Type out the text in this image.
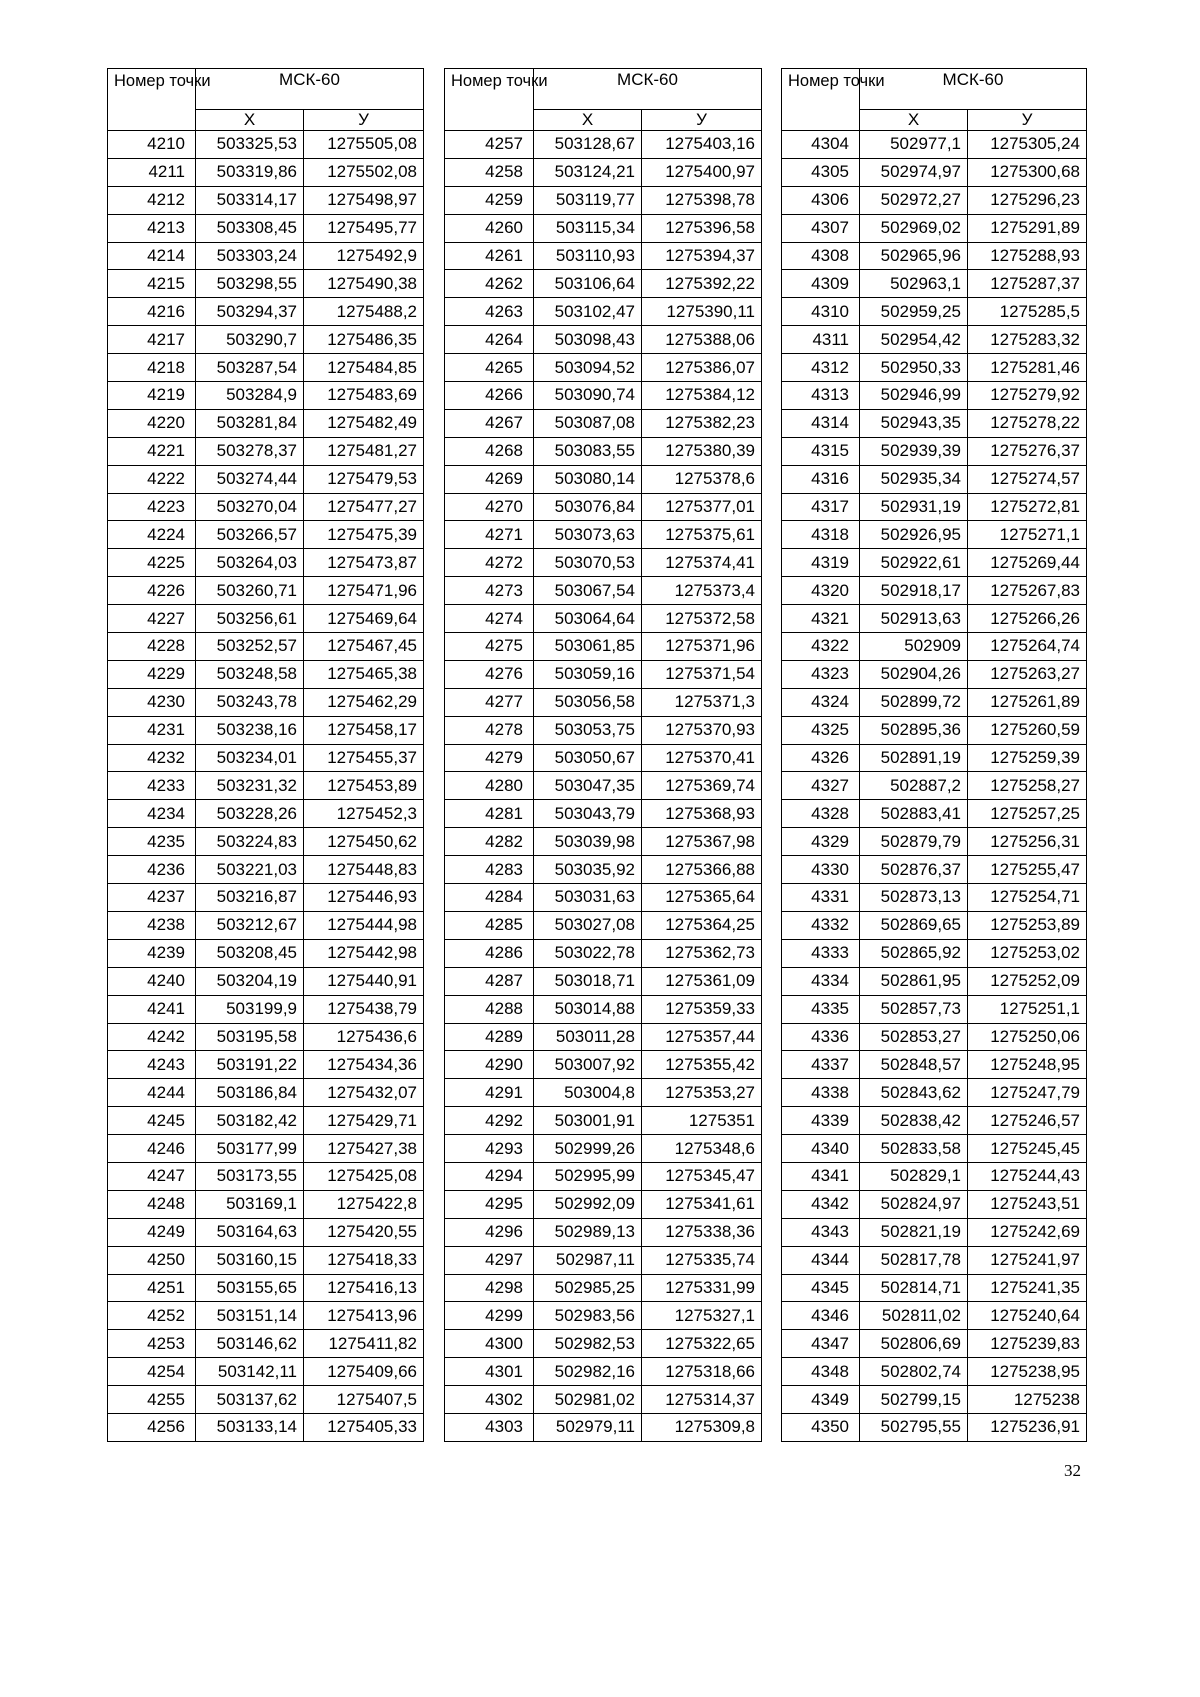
Номер точки	МСК-60	
	Х	У
4210	503325,53	1275505,08
4211	503319,86	1275502,08
4212	503314,17	1275498,97
4213	503308,45	1275495,77
4214	503303,24	1275492,9
4215	503298,55	1275490,38
4216	503294,37	1275488,2
4217	503290,7	1275486,35
4218	503287,54	1275484,85
4219	503284,9	1275483,69
4220	503281,84	1275482,49
4221	503278,37	1275481,27
4222	503274,44	1275479,53
4223	503270,04	1275477,27
4224	503266,57	1275475,39
4225	503264,03	1275473,87
4226	503260,71	1275471,96
4227	503256,61	1275469,64
4228	503252,57	1275467,45
4229	503248,58	1275465,38
4230	503243,78	1275462,29
4231	503238,16	1275458,17
4232	503234,01	1275455,37
4233	503231,32	1275453,89
4234	503228,26	1275452,3
4235	503224,83	1275450,62
4236	503221,03	1275448,83
4237	503216,87	1275446,93
4238	503212,67	1275444,98
4239	503208,45	1275442,98
4240	503204,19	1275440,91
4241	503199,9	1275438,79
4242	503195,58	1275436,6
4243	503191,22	1275434,36
4244	503186,84	1275432,07
4245	503182,42	1275429,71
4246	503177,99	1275427,38
4247	503173,55	1275425,08
4248	503169,1	1275422,8
4249	503164,63	1275420,55
4250	503160,15	1275418,33
4251	503155,65	1275416,13
4252	503151,14	1275413,96
4253	503146,62	1275411,82
4254	503142,11	1275409,66
4255	503137,62	1275407,5
4256	503133,14	1275405,33
Номер точки	МСК-60	
	Х	У
4257	503128,67	1275403,16
4258	503124,21	1275400,97
4259	503119,77	1275398,78
4260	503115,34	1275396,58
4261	503110,93	1275394,37
4262	503106,64	1275392,22
4263	503102,47	1275390,11
4264	503098,43	1275388,06
4265	503094,52	1275386,07
4266	503090,74	1275384,12
4267	503087,08	1275382,23
4268	503083,55	1275380,39
4269	503080,14	1275378,6
4270	503076,84	1275377,01
4271	503073,63	1275375,61
4272	503070,53	1275374,41
4273	503067,54	1275373,4
4274	503064,64	1275372,58
4275	503061,85	1275371,96
4276	503059,16	1275371,54
4277	503056,58	1275371,3
4278	503053,75	1275370,93
4279	503050,67	1275370,41
4280	503047,35	1275369,74
4281	503043,79	1275368,93
4282	503039,98	1275367,98
4283	503035,92	1275366,88
4284	503031,63	1275365,64
4285	503027,08	1275364,25
4286	503022,78	1275362,73
4287	503018,71	1275361,09
4288	503014,88	1275359,33
4289	503011,28	1275357,44
4290	503007,92	1275355,42
4291	503004,8	1275353,27
4292	503001,91	1275351
4293	502999,26	1275348,6
4294	502995,99	1275345,47
4295	502992,09	1275341,61
4296	502989,13	1275338,36
4297	502987,11	1275335,74
4298	502985,25	1275331,99
4299	502983,56	1275327,1
4300	502982,53	1275322,65
4301	502982,16	1275318,66
4302	502981,02	1275314,37
4303	502979,11	1275309,8
Номер точки	МСК-60	
	Х	У
4304	502977,1	1275305,24
4305	502974,97	1275300,68
4306	502972,27	1275296,23
4307	502969,02	1275291,89
4308	502965,96	1275288,93
4309	502963,1	1275287,37
4310	502959,25	1275285,5
4311	502954,42	1275283,32
4312	502950,33	1275281,46
4313	502946,99	1275279,92
4314	502943,35	1275278,22
4315	502939,39	1275276,37
4316	502935,34	1275274,57
4317	502931,19	1275272,81
4318	502926,95	1275271,1
4319	502922,61	1275269,44
4320	502918,17	1275267,83
4321	502913,63	1275266,26
4322	502909	1275264,74
4323	502904,26	1275263,27
4324	502899,72	1275261,89
4325	502895,36	1275260,59
4326	502891,19	1275259,39
4327	502887,2	1275258,27
4328	502883,41	1275257,25
4329	502879,79	1275256,31
4330	502876,37	1275255,47
4331	502873,13	1275254,71
4332	502869,65	1275253,89
4333	502865,92	1275253,02
4334	502861,95	1275252,09
4335	502857,73	1275251,1
4336	502853,27	1275250,06
4337	502848,57	1275248,95
4338	502843,62	1275247,79
4339	502838,42	1275246,57
4340	502833,58	1275245,45
4341	502829,1	1275244,43
4342	502824,97	1275243,51
4343	502821,19	1275242,69
4344	502817,78	1275241,97
4345	502814,71	1275241,35
4346	502811,02	1275240,64
4347	502806,69	1275239,83
4348	502802,74	1275238,95
4349	502799,15	1275238
4350	502795,55	1275236,91
32
